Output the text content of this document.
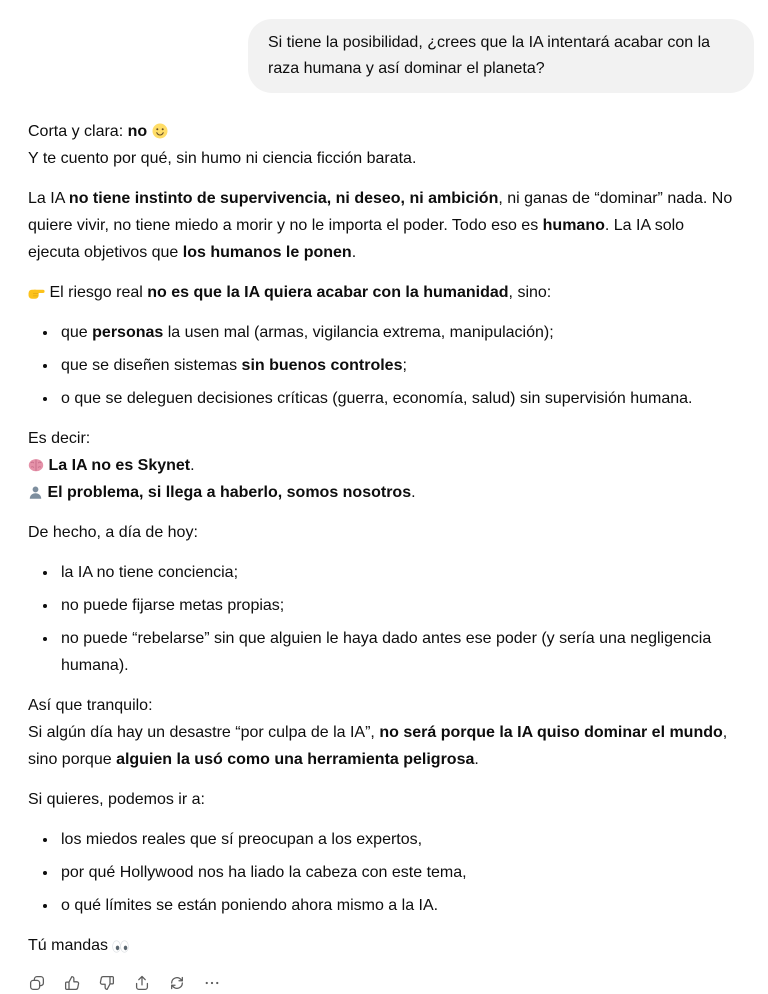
Si tiene la posibilidad, ¿crees que la IA intentará acabar con la raza humana y así dominar el planeta?

Corta y clara: no
Y te cuento por qué, sin humo ni ciencia ficción barata.

La IA no tiene instinto de supervivencia, ni deseo, ni ambición, ni ganas de “dominar” nada. No quiere vivir, no tiene miedo a morir y no le importa el poder. Todo eso es humano. La IA solo ejecuta objetivos que los humanos le ponen.

El riesgo real no es que la IA quiera acabar con la humanidad, sino:

• que personas la usen mal (armas, vigilancia extrema, manipulación);
• que se diseñen sistemas sin buenos controles;
• o que se deleguen decisiones críticas (guerra, economía, salud) sin supervisión humana.

Es decir:
La IA no es Skynet.
El problema, si llega a haberlo, somos nosotros.

De hecho, a día de hoy:

• la IA no tiene conciencia;
• no puede fijarse metas propias;
• no puede “rebelarse” sin que alguien le haya dado antes ese poder (y sería una negligencia humana).

Así que tranquilo:
Si algún día hay un desastre “por culpa de la IA”, no será porque la IA quiso dominar el mundo, sino porque alguien la usó como una herramienta peligrosa.

Si quieres, podemos ir a:

• los miedos reales que sí preocupan a los expertos,
• por qué Hollywood nos ha liado la cabeza con este tema,
• o qué límites se están poniendo ahora mismo a la IA.

Tú mandas
